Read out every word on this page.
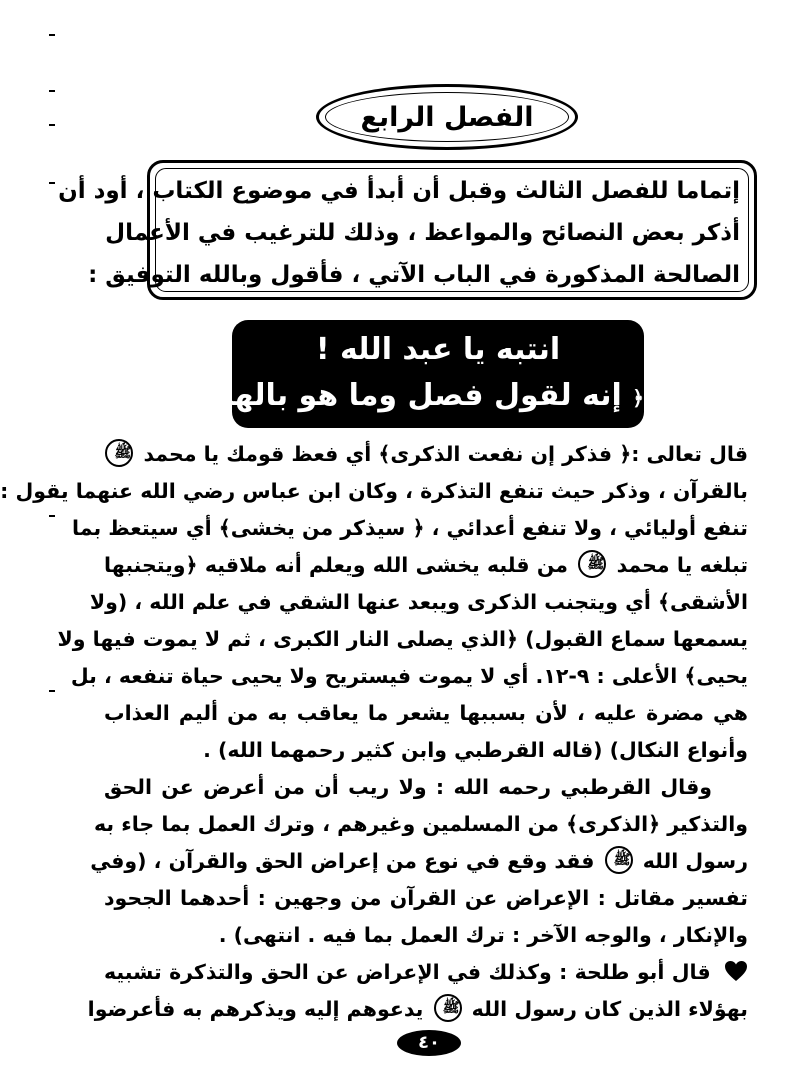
الفصل الرابع
إتماما للفصل الثالث وقبل أن أبدأ في موضوع الكتاب ، أود أن
أذكر بعض النصائح والمواعظ ، وذلك للترغيب في الأعمال
الصالحة المذكورة في الباب الآتي ، فأقول وبالله التوفيق :
انتبه يا عبد الله !
﴿ إنه لقول فصل وما هو بالهزل ﴾
قال تعالى :﴿ فذكر إن نفعت الذكرى﴾ أي فعظ قومك يا محمد ﷺ
بالقرآن ، وذكر حيث تنفع التذكرة ، وكان ابن عباس رضي الله عنهما يقول :
تنفع أوليائي ، ولا تنفع أعدائي ، ﴿ سيذكر من يخشى﴾ أي سيتعظ بما
تبلغه يا محمد ﷺ من قلبه يخشى الله ويعلم أنه ملاقيه ﴿ويتجنبها
الأشقى﴾ أي ويتجنب الذكرى ويبعد عنها الشقي في علم الله ، (ولا
يسمعها سماع القبول) ﴿الذي يصلى النار الكبرى ، ثم لا يموت فيها ولا
يحيى﴾ الأعلى : ٩-١٢. أي لا يموت فيستريح ولا يحيى حياة تنفعه ، بل
هي مضرة عليه ، لأن بسببها يشعر ما يعاقب به من أليم العذاب
وأنواع النكال) (قاله القرطبي وابن كثير رحمهما الله) .
وقال القرطبي رحمه الله : ولا ريب أن من أعرض عن الحق
والتذكير ﴿الذكرى﴾ من المسلمين وغيرهم ، وترك العمل بما جاء به
رسول الله ﷺ فقد وقع في نوع من إعراض الحق والقرآن ، (وفي
تفسير مقاتل : الإعراض عن القرآن من وجهين : أحدهما الجحود
والإنكار ، والوجه الآخر : ترك العمل بما فيه . انتهى) .
قال أبو طلحة : وكذلك في الإعراض عن الحق والتذكرة تشبيه
بهؤلاء الذين كان رسول الله ﷺ يدعوهم إليه ويذكرهم به فأعرضوا
٤٠
